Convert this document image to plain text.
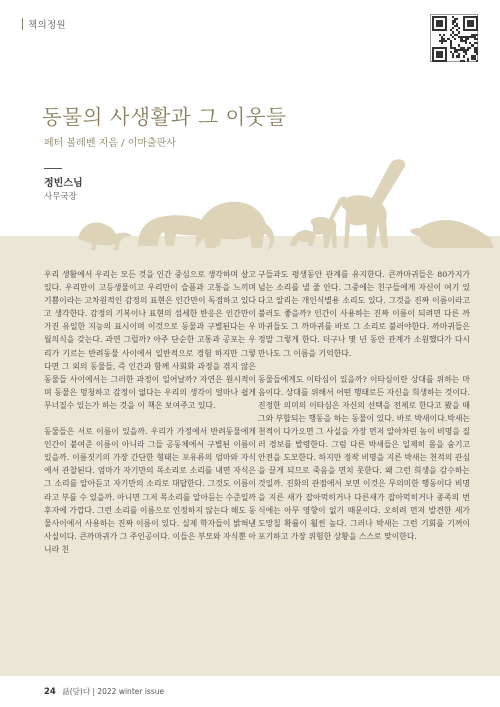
책의정원
동물의 사생활과 그 이웃들
페터 볼레벤 지음 / 이마출판사
정빈스님
사무국장

우리 생활에서 우리는 모든 것을 인간 중심으로 생각하며 살고 있다. 우리만이 고등생물이고 우리만이 슬픔과 고통을 느끼며 기쁨이라는 고차원적인 감정의 표현은 인간만이 독점하고 있다고 생각한다. 감정의 기복이나 표현의 섬세한 반응은 인간만이 가진 유일한 지능의 표시이며 이것으로 동물과 구별된다는 우월의식을 갖는다. 과연 그럴까? 아주 단순한 고통과 공포는 우리가 기르는 반려동물 사이에서 일반적으로 경험 하지만 그렇다면 그 외의 동물들, 즉 인간과 함께 사회화 과정을 겪지 않은 동물들 사이에서는 그러한 과정이 일어날까? 자연은 원시적이며 동물은 멍청하고 감정이 없다는 우리의 생각이 얼마나 쉽게 무너질수 있는가 하는 것을 이 책은 보여주고 있다.

동물들은 서로 이름이 있을까. 우리가 가정에서 반려동물에게 인간이 붙여준 이름이 아니라 그들 공동체에서 구별된 이름이 있을까. 이름짓기의 가장 간단한 형태는 포유류의 엄마와 자식에서 관찰된다. 엄마가 자기만의 목소리로 소리를 내면 자식은 그 소리를 알아듣고 자기만의 소리로 대답한다. 그것도 이름이라고 부를 수 있을까. 아니면 그저 목소리를 알아듣는 수준일까 후자에 가깝다. 그런 소리를 이름으로 인정하지 않는다 해도 동물사이에서 사용하는 진짜 이름이 있다. 실제 학자들이 밝혀낸 사실이다. 큰까마귀가 그 주인공이다. 이들은 부모와 자식뿐 아니라 친

구들과도 평생동안 관계를 유지한다. 큰까마귀들은 80가지가 넘는 소리를 낼 줄 안다. 그중에는 친구들에게 자신이 여기 있다고 알리는 개인식별용 소리도 있다. 그것을 진짜 이름이라고 불러도 좋을까? 인간이 사용하는 진짜 이름이 되려면 다른 까마귀들도 그 까마귀를 바로 그 소리로 불러야한다. 까마귀들은 정말 그렇게 한다. 더구나 몇 년 동안 관계가 소원했다가 다시 만나도 그 이름을 기억한다.

동물들에게도 이타심이 있을까? 이타심이란 상대를 위하는 마음이다. 상대를 위해서 어떤 행태로든 자신을 희생하는 것이다. 진정한 의미의 이타심은 자신의 선택을 전제로 한다고 봤을 때 그와 부합되는 행동을 하는 동물이 있다. 바로 박새이다.박새는 천적이 다가오면 그 사실을 가장 먼저 알아차린 놈이 비명을 질러 경보를 발령한다. 그럼 다른 박새들은 일제히 몸을 숨기고 안전을 도모한다. 하지만 정작 비명을 지른 박새는 천적의 관심을 끌게 되므로 죽음을 면치 못한다. 왜 그런 희생을 감수하는 것일까. 진화의 관점에서 보면 이것은 무의미한 행동이다 비명을 지른 새가 잡아먹히거나 다른새가 잡아먹히거나 종족의 번식에는 아무 영향이 없기 때문이다. 오히려 먼저 발견한 새가 도망칠 확률이 훨씬 높다. 그러나 박새는 그런 기회를 기꺼이 포기하고 가장 위험한 상황을 스스로 맞이한다.

24 話(담)다 | 2022 winter issue
